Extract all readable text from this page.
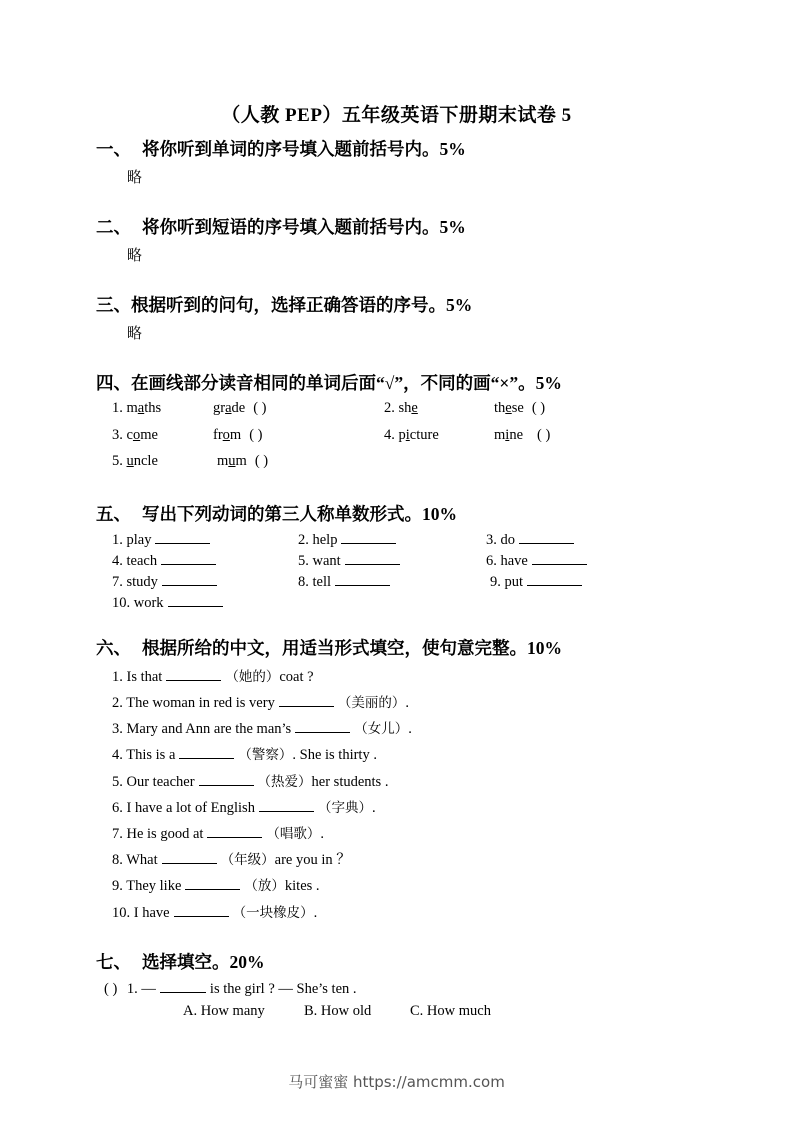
（人教 PEP）五年级英语下册期末试卷 5
一、 将你听到单词的序号填入题前括号内。5%
略
二、 将你听到短语的序号填入题前括号内。5%
略
三、根据听到的问句，选择正确答语的序号。5%
略
四、在画线部分读音相同的单词后面“√”，不同的画“×”。5%
1. maths	grade ( )	2. she	these ( )
3. come	from ( )	4. picture	mine ( )
5. uncle	mum ( )
五、 写出下列动词的第三人称单数形式。10%
1. play	2. help	3. do
4. teach	5. want	6. have
7. study	8. tell	9. put
10. work
六、 根据所给的中文，用适当形式填空，使句意完整。10%
1. Is that	（她的）coat ?
2. The woman in red is very	（美丽的）.
3. Mary and Ann are the man’s	（女儿）.
4. This is a	（警察）. She is thirty .
5. Our teacher	（热爱）her students .
6. I have a lot of English	（字典）.
7. He is good at	（唱歌）.
8. What	（年级）are you in ？
9. They like	（放）kites .
10. I have	（一块橡皮）.
七、 选择填空。20%
( ) 1. —	is the girl ? — She’s ten .
A. How many	B. How old	C. How much
马可蜜蜜 https://amcmm.com
